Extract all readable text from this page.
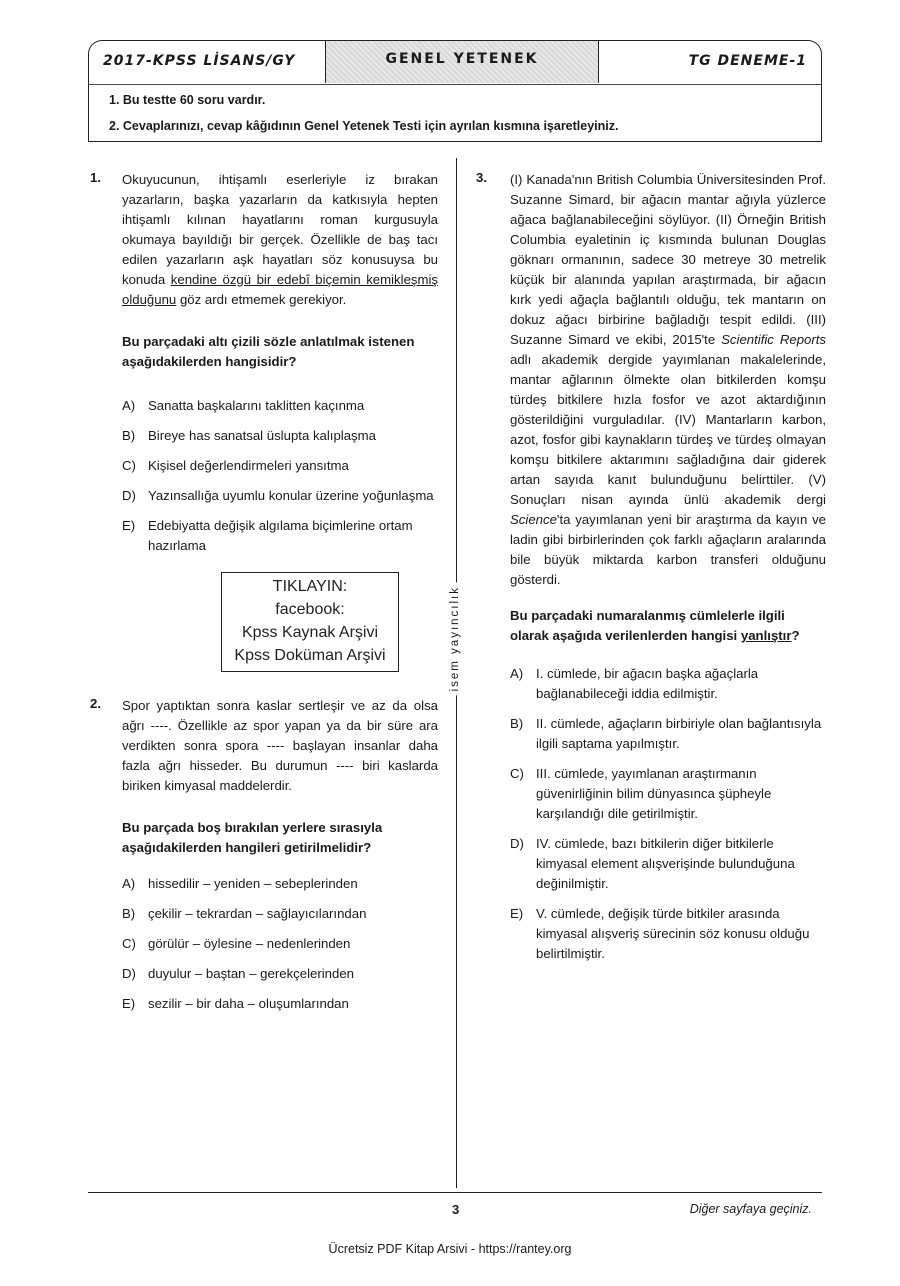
2017-KPSS LİSANS/GY	GENEL YETENEK	TG DENEME-1
1. Bu testte 60 soru vardır.
2. Cevaplarınızı, cevap kâğıdının Genel Yetenek Testi için ayrılan kısmına işaretleyiniz.
isem yayıncılık
1. Okuyucunun, ihtişamlı eserleriyle iz bırakan yazarların, başka yazarların da katkısıyla hepten ihtişamlı kılınan hayatlarını roman kurgusuyla okumaya bayıldığı bir gerçek. Özellikle de baş tacı edilen yazarların aşk hayatları söz konusuysa bu konuda kendine özgü bir edebî biçemin kemikleşmiş olduğunu göz ardı etmemek gerekiyor.
Bu parçadaki altı çizili sözle anlatılmak istenen aşağıdakilerden hangisidir?
A) Sanatta başkalarını taklitten kaçınma
B) Bireye has sanatsal üslupta kalıplaşma
C) Kişisel değerlendirmeleri yansıtma
D) Yazınsallığa uyumlu konular üzerine yoğunlaşma
E) Edebiyatta değişik algılama biçimlerine ortam hazırlama
TIKLAYIN:
facebook:
Kpss Kaynak Arşivi
Kpss Doküman Arşivi
2. Spor yaptıktan sonra kaslar sertleşir ve az da olsa ağrı ----. Özellikle az spor yapan ya da bir süre ara verdikten sonra spora ---- başlayan insanlar daha fazla ağrı hisseder. Bu durumun ---- biri kaslarda biriken kimyasal maddelerdir.
Bu parçada boş bırakılan yerlere sırasıyla aşağıdakilerden hangileri getirilmelidir?
A) hissedilir – yeniden – sebeplerinden
B) çekilir – tekrardan – sağlayıcılarından
C) görülür – öylesine – nedenlerinden
D) duyulur – baştan – gerekçelerinden
E) sezilir – bir daha – oluşumlarından
3. (I) Kanada'nın British Columbia Üniversitesinden Prof. Suzanne Simard, bir ağacın mantar ağıyla yüzlerce ağaca bağlanabileceğini söylüyor. (II) Örneğin British Columbia eyaletinin iç kısmında bulunan Douglas göknarı ormanının, sadece 30 metreye 30 metrelik küçük bir alanında yapılan araştırmada, bir ağacın kırk yedi ağaçla bağlantılı olduğu, tek mantarın on dokuz ağacı birbirine bağladığı tespit edildi. (III) Suzanne Simard ve ekibi, 2015'te Scientific Reports adlı akademik dergide yayımlanan makalelerinde, mantar ağlarının ölmekte olan bitkilerden komşu türdeş bitkilere hızla fosfor ve azot aktardığının gösterildiğini vurguladılar. (IV) Mantarların karbon, azot, fosfor gibi kaynakların türdeş ve türdeş olmayan komşu bitkilere aktarımını sağladığına dair giderek artan sayıda kanıt bulunduğunu belirttiler. (V) Sonuçları nisan ayında ünlü akademik dergi Science'ta yayımlanan yeni bir araştırma da kayın ve ladin gibi birbirlerinden çok farklı ağaçların aralarında bile büyük miktarda karbon transferi olduğunu gösterdi.
Bu parçadaki numaralanmış cümlelerle ilgili olarak aşağıda verilenlerden hangisi yanlıştır?
A) I. cümlede, bir ağacın başka ağaçlarla bağlanabileceği iddia edilmiştir.
B) II. cümlede, ağaçların birbiriyle olan bağlantısıyla ilgili saptama yapılmıştır.
C) III. cümlede, yayımlanan araştırmanın güvenirliğinin bilim dünyasınca şüpheyle karşılandığı dile getirilmiştir.
D) IV. cümlede, bazı bitkilerin diğer bitkilerle kimyasal element alışverişinde bulunduğuna değinilmiştir.
E) V. cümlede, değişik türde bitkiler arasında kimyasal alışveriş sürecinin söz konusu olduğu belirtilmiştir.
3	Diğer sayfaya geçiniz.
Ücretsiz PDF Kitap Arsivi - https://rantey.org
